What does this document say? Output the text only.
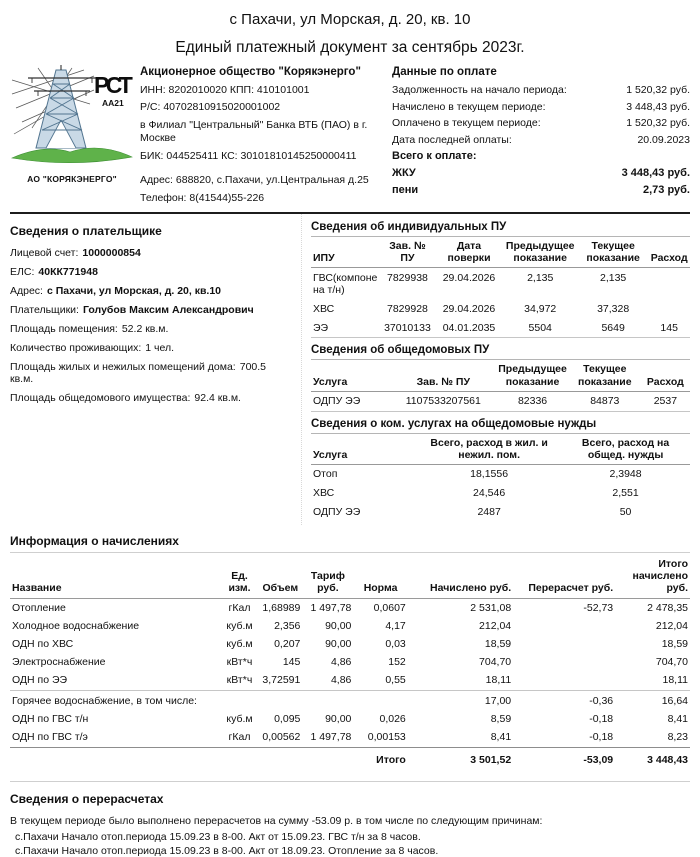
с Пахачи, ул Морская, д. 20, кв. 10
Единый платежный документ за сентябрь 2023г.
РСТ
АА21
АО "КОРЯКЭНЕРГО"
Акционерное общество "Корякэнерго"
ИНН: 8202010020 КПП: 410101001
Р/С: 40702810915020001002
в Филиал "Центральный" Банка ВТБ (ПАО) в г. Москве
БИК: 044525411 КС: 30101810145250000411
Адрес: 688820, с.Пахачи, ул.Центральная д.25
Телефон: 8(41544)55-226
Данные по оплате
Задолженность на начало периода:	1 520,32 руб.
Начислено в текущем периоде:	3 448,43 руб.
Оплачено в текущем периоде:	1 520,32 руб.
Дата последней оплаты:	20.09.2023
Всего к оплате:
ЖКУ	3 448,43 руб.
пени	2,73 руб.
Сведения о плательщике
Лицевой счет: 1000000854
ЕЛС: 40КК771948
Адрес: с Пахачи, ул Морская, д. 20, кв.10
Плательщики: Голубов Максим Александрович
Площадь помещения: 52.2 кв.м.
Количество проживающих: 1 чел.
Площадь жилых и нежилых помещений дома: 700.5 кв.м.
Площадь общедомового имущества: 92.4 кв.м.
Сведения об индивидуальных ПУ
ИПУ	Зав. № ПУ	Дата поверки	Предыдущее показание	Текущее показание	Расход
ГВС(компоне на т/н)	7829938	29.04.2026	2,135	2,135	
ХВС	7829928	29.04.2026	34,972	37,328	
ЭЭ	37010133	04.01.2035	5504	5649	145
Сведения об общедомовых ПУ
Услуга	Зав. № ПУ	Предыдущее показание	Текущее показание	Расход
ОДПУ ЭЭ	1107533207561	82336	84873	2537
Сведения о ком. услугах на общедомовые нужды
Услуга	Всего, расход в жил. и нежил. пом.	Всего, расход на общед. нужды
Отоп	18,1556	2,3948
ХВС	24,546	2,551
ОДПУ ЭЭ	2487	50
Информация о начислениях
Название	Ед. изм.	Объем	Тариф руб.	Норма	Начислено руб.	Перерасчет руб.	Итого начислено руб.
Отопление	гКал	1,68989	1 497,78	0,0607	2 531,08	-52,73	2 478,35
Холодное водоснабжение	куб.м	2,356	90,00	4,17	212,04		212,04
ОДН по ХВС	куб.м	0,207	90,00	0,03	18,59		18,59
Электроснабжение	кВт*ч	145	4,86	152	704,70		704,70
ОДН по ЭЭ	кВт*ч	3,72591	4,86	0,55	18,11		18,11
Горячее водоснабжение, в том числе:					17,00	-0,36	16,64
ОДН по ГВС т/н	куб.м	0,095	90,00	0,026	8,59	-0,18	8,41
ОДН по ГВС т/э	гКал	0,00562	1 497,78	0,00153	8,41	-0,18	8,23
				Итого	3 501,52	-53,09	3 448,43
Сведения о перерасчетах
В текущем периоде было выполнено перерасчетов на сумму -53.09 р. в том числе по следующим причинам:
с.Пахачи Начало отоп.периода 15.09.23 в 8-00. Акт от 15.09.23. ГВС т/н за 8 часов.
с.Пахачи Начало отоп.периода 15.09.23 в 8-00. Акт от 18.09.23. Отопление за 8 часов.
